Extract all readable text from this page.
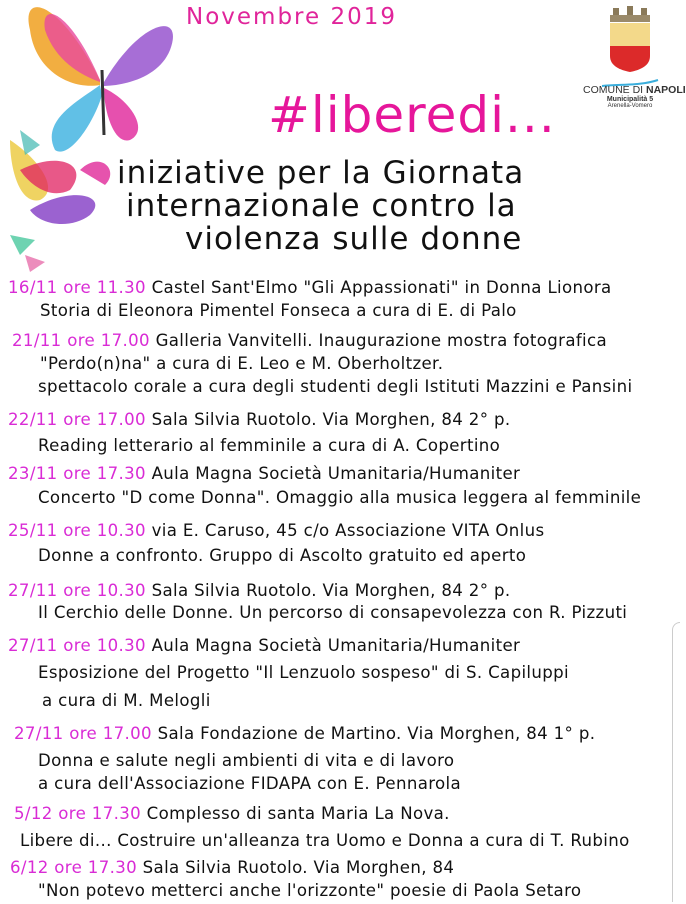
Novembre 2019
#liberedi...
iniziative per la Giornata
internazionale contro la
violenza sulle donne
COMUNE DI NAPOLI
Municipalità 5
Arenella-Vomero
16/11 ore 11.30 Castel Sant'Elmo "Gli Appassionati" in Donna Lionora
Storia di Eleonora Pimentel Fonseca a cura di E. di Palo
21/11 ore 17.00 Galleria Vanvitelli. Inaugurazione mostra fotografica
"Perdo(n)na" a cura di E. Leo e M. Oberholtzer.
spettacolo corale a cura degli studenti degli Istituti Mazzini e Pansini
22/11 ore 17.00 Sala Silvia Ruotolo. Via Morghen, 84 2° p.
Reading letterario al femminile a cura di A. Copertino
23/11 ore 17.30 Aula Magna Società Umanitaria/Humaniter
Concerto "D come Donna". Omaggio alla musica leggera al femminile
25/11 ore 10.30 via E. Caruso, 45 c/o Associazione VITA Onlus
Donne a confronto. Gruppo di Ascolto gratuito ed aperto
27/11 ore 10.30 Sala Silvia Ruotolo. Via Morghen, 84 2° p.
Il Cerchio delle Donne. Un percorso di consapevolezza con R. Pizzuti
27/11 ore 10.30 Aula Magna Società Umanitaria/Humaniter
Esposizione del Progetto "Il Lenzuolo sospeso" di S. Capiluppi
a cura di M. Melogli
27/11 ore 17.00 Sala Fondazione de Martino. Via Morghen, 84 1° p.
Donna e salute negli ambienti di vita e di lavoro
a cura dell'Associazione FIDAPA con E. Pennarola
5/12 ore 17.30 Complesso di santa Maria La Nova.
Libere di... Costruire un'alleanza tra Uomo e Donna a cura di T. Rubino
6/12 ore 17.30 Sala Silvia Ruotolo. Via Morghen, 84
"Non potevo metterci anche l'orizzonte" poesie di Paola Setaro
